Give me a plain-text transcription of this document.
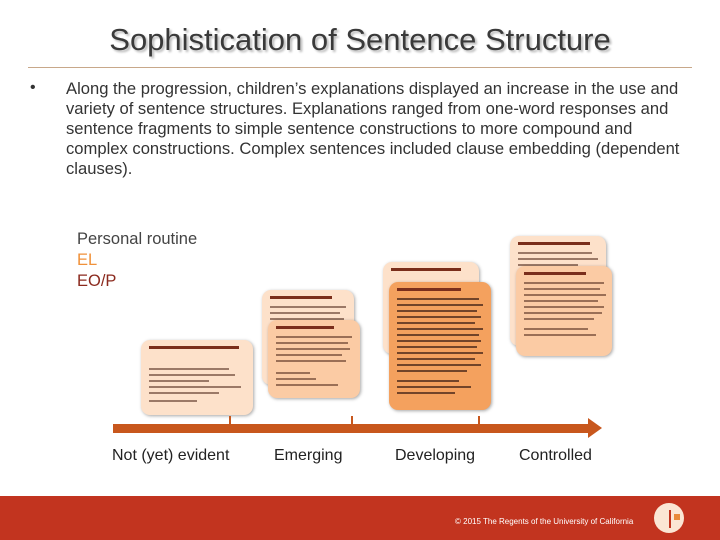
Sophistication of Sentence Structure
• Along the progression, children’s explanations displayed an increase in the use and variety of sentence structures. Explanations ranged from one-word responses and sentence fragments to simple sentence constructions to more compound and complex constructions. Complex sentences included clause embedding (dependent clauses).
Personal routine
EL
EO/P
Not (yet) evident	Emerging	Developing	Controlled
© 2015 The Regents of the University of California
